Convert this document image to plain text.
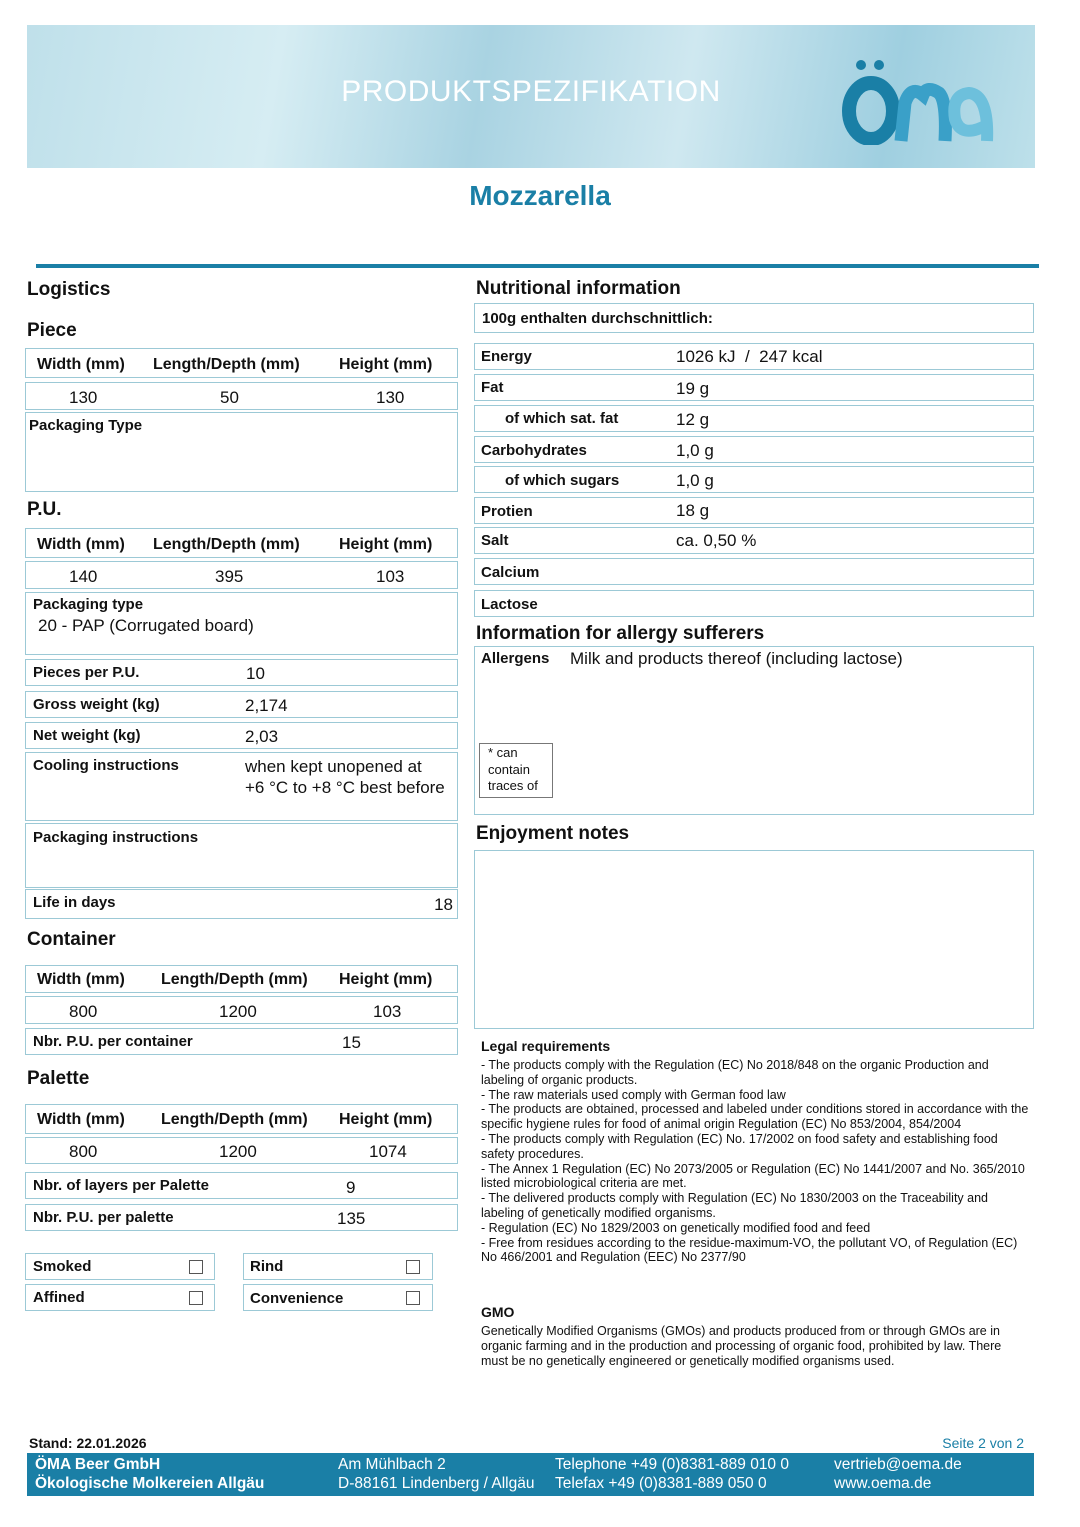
PRODUKTSPEZIFIKATION
Mozzarella
Logistics
Piece
Width (mm) Length/Depth (mm) Height (mm)
130	50	130
Packaging Type
P.U.
Width (mm) Length/Depth (mm) Height (mm)
140	395	103
Packaging type
20 - PAP (Corrugated board)
Pieces per P.U.	10
Gross weight (kg)	2,174
Net weight (kg)	2,03
Cooling instructions	when kept unopened at +6 °C to +8 °C best before
Packaging instructions
Life in days	18
Container
Width (mm) Length/Depth (mm) Height (mm)
800	1200	103
Nbr. P.U. per container	15
Palette
Width (mm) Length/Depth (mm) Height (mm)
800	1200	1074
Nbr. of layers per Palette	9
Nbr. P.U. per palette	135
Smoked
Affined
Rind
Convenience
Nutritional information
100g enthalten durchschnittlich:
Energy	1026 kJ  /  247 kcal
Fat	19 g
of which sat. fat	12 g
Carbohydrates	1,0 g
of which sugars	1,0 g
Protien	18 g
Salt	ca. 0,50 %
Calcium
Lactose
Information for allergy sufferers
Allergens Milk and products thereof (including lactose)
* can contain traces of
Enjoyment notes
Legal requirements
- The products comply with the Regulation (EC) No 2018/848 on the organic Production and labeling of organic products.
- The raw materials used comply with German food law
- The products are obtained, processed and labeled under conditions stored in accordance with the specific hygiene rules for food of animal origin Regulation (EC) No 853/2004, 854/2004
- The products comply with Regulation (EC) No. 17/2002 on food safety and establishing food safety procedures.
- The Annex 1 Regulation (EC) No 2073/2005 or Regulation (EC) No 1441/2007 and No. 365/2010 listed microbiological criteria are met.
- The delivered products comply with Regulation (EC) No 1830/2003 on the Traceability and labeling of genetically modified organisms.
- Regulation (EC) No 1829/2003 on genetically modified food and feed
- Free from residues according to the residue-maximum-VO, the pollutant VO, of Regulation (EC) No 466/2001 and Regulation (EEC) No 2377/90
GMO
Genetically Modified Organisms (GMOs) and products produced from or through GMOs are in organic farming and in the production and processing of organic food, prohibited by law. There must be no genetically engineered or genetically modified organisms used.
Stand: 22.01.2026	Seite 2 von 2
ÖMA Beer GmbH
Ökologische Molkereien Allgäu
Am Mühlbach 2
D-88161 Lindenberg / Allgäu
Telephone +49 (0)8381-889 010 0
Telefax +49 (0)8381-889 050 0
vertrieb@oema.de
www.oema.de
